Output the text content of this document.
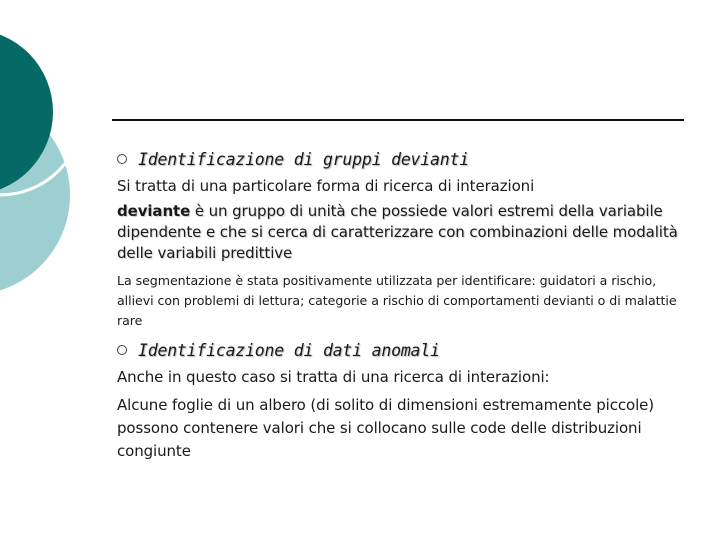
Identificazione di gruppi devianti

Si tratta di una particolare forma di ricerca di interazioni

deviante è un gruppo di unità che possiede valori estremi della variabile dipendente e che si cerca di caratterizzare con combinazioni delle modalità delle variabili predittive

La segmentazione è stata positivamente utilizzata per identificare: guidatori a rischio, allievi con problemi di lettura; categorie a rischio di comportamenti devianti o di malattie rare

Identificazione di dati anomali

Anche in questo caso si tratta di una ricerca di interazioni:

Alcune foglie di un albero (di solito di dimensioni estremamente piccole) possono contenere valori che si collocano sulle code delle distribuzioni congiunte
